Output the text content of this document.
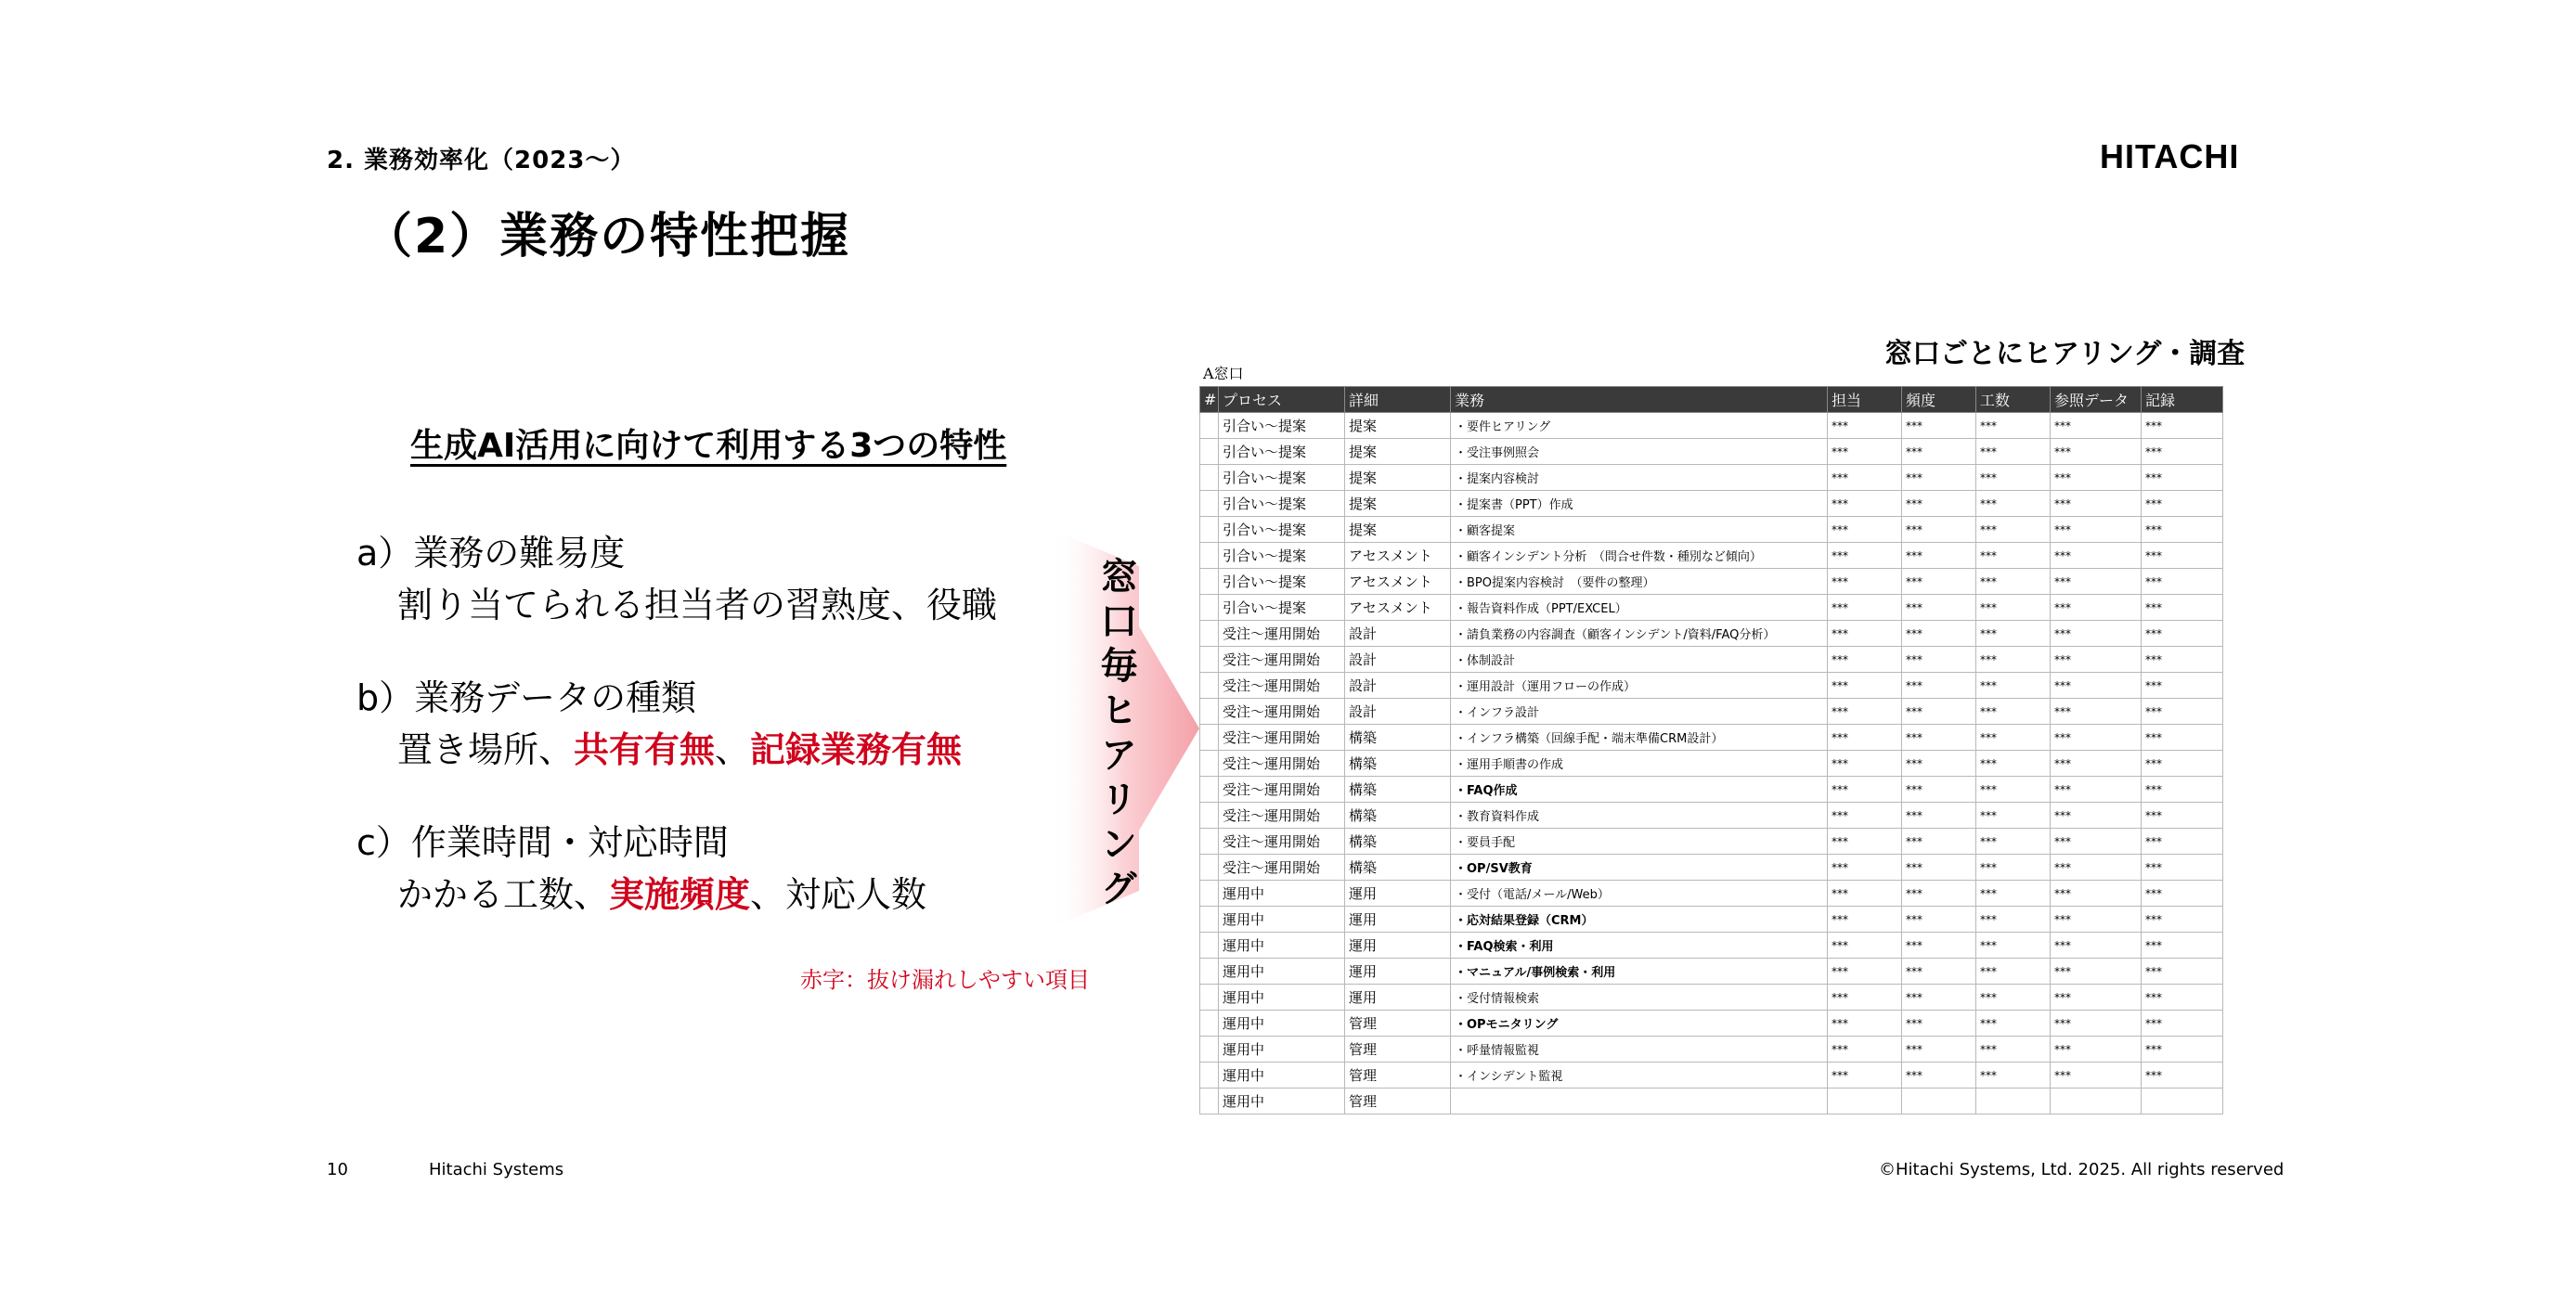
2. 業務効率化（2023〜）	HITACHI
（2）業務の特性把握
生成AI活用に向けて利用する3つの特性
a）業務の難易度
割り当てられる担当者の習熟度、役職
b）業務データの種類
置き場所、共有有無、記録業務有無
c）作業時間・対応時間
かかる工数、実施頻度、対応人数
赤字：抜け漏れしやすい項目
窓口毎ヒアリング
窓口ごとにヒアリング・調査
A窓口
#	プロセス	詳細	業務	担当	頻度	工数	参照データ	記録
	引合い〜提案	提案	・要件ヒアリング	***	***	***	***	***
	引合い〜提案	提案	・受注事例照会	***	***	***	***	***
	引合い〜提案	提案	・提案内容検討	***	***	***	***	***
	引合い〜提案	提案	・提案書（PPT）作成	***	***	***	***	***
	引合い〜提案	提案	・顧客提案	***	***	***	***	***
	引合い〜提案	アセスメント	・顧客インシデント分析　（問合せ件数・種別など傾向）	***	***	***	***	***
	引合い〜提案	アセスメント	・BPO提案内容検討　（要件の整理）	***	***	***	***	***
	引合い〜提案	アセスメント	・報告資料作成（PPT/EXCEL）	***	***	***	***	***
	受注〜運用開始	設計	・請負業務の内容調査（顧客インシデント/資料/FAQ分析）	***	***	***	***	***
	受注〜運用開始	設計	・体制設計	***	***	***	***	***
	受注〜運用開始	設計	・運用設計（運用フローの作成）	***	***	***	***	***
	受注〜運用開始	設計	・インフラ設計	***	***	***	***	***
	受注〜運用開始	構築	・インフラ構築（回線手配・端末準備CRM設計）	***	***	***	***	***
	受注〜運用開始	構築	・運用手順書の作成	***	***	***	***	***
	受注〜運用開始	構築	・FAQ作成	***	***	***	***	***
	受注〜運用開始	構築	・教育資料作成	***	***	***	***	***
	受注〜運用開始	構築	・要員手配	***	***	***	***	***
	受注〜運用開始	構築	・OP/SV教育	***	***	***	***	***
	運用中	運用	・受付（電話/メール/Web）	***	***	***	***	***
	運用中	運用	・応対結果登録（CRM）	***	***	***	***	***
	運用中	運用	・FAQ検索・利用	***	***	***	***	***
	運用中	運用	・マニュアル/事例検索・利用	***	***	***	***	***
	運用中	運用	・受付情報検索	***	***	***	***	***
	運用中	管理	・OPモニタリング	***	***	***	***	***
	運用中	管理	・呼量情報監視	***	***	***	***	***
	運用中	管理	・インシデント監視	***	***	***	***	***
	運用中	管理						
10	Hitachi Systems	©Hitachi Systems, Ltd. 2025. All rights reserved
